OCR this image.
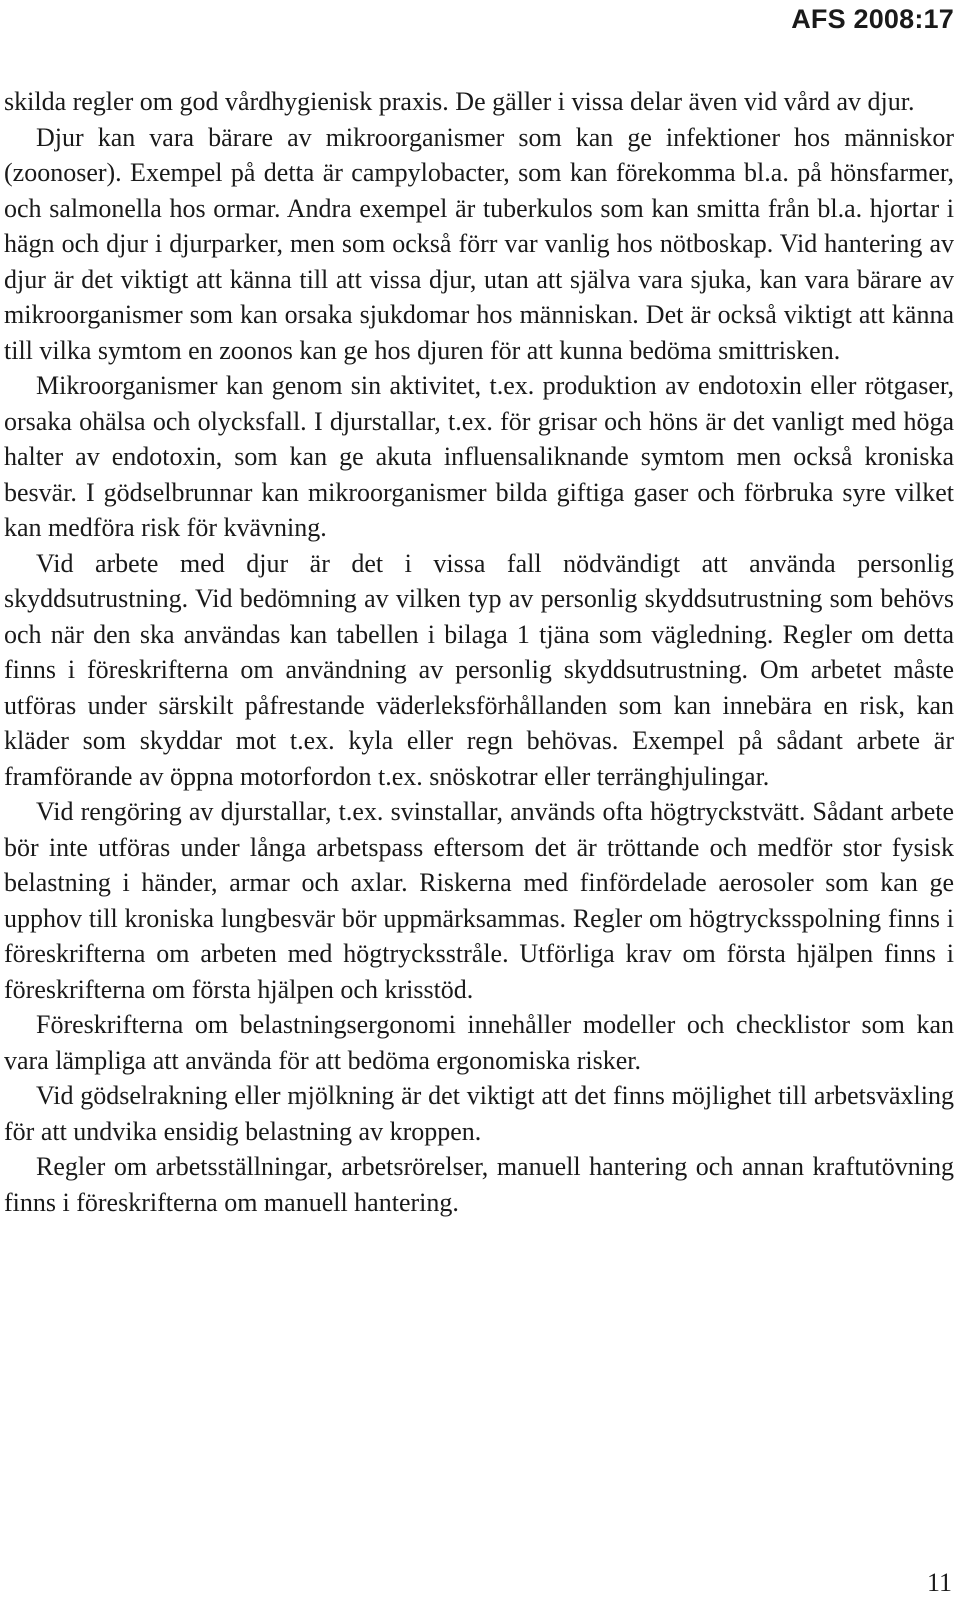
AFS 2008:17

skilda regler om god vårdhygienisk praxis. De gäller i vissa delar även vid vård av djur.

Djur kan vara bärare av mikroorganismer som kan ge infektioner hos människor (zoonoser). Exempel på detta är campylobacter, som kan förekomma bl.a. på hönsfarmer, och salmonella hos ormar. Andra exempel är tuberkulos som kan smitta från bl.a. hjortar i hägn och djur i djurparker, men som också förr var vanlig hos nötboskap. Vid hantering av djur är det viktigt att känna till att vissa djur, utan att själva vara sjuka, kan vara bärare av mikroorganismer som kan orsaka sjukdomar hos människan. Det är också viktigt att känna till vilka symtom en zoonos kan ge hos djuren för att kunna bedöma smittrisken.

Mikroorganismer kan genom sin aktivitet, t.ex. produktion av endotoxin eller rötgaser, orsaka ohälsa och olycksfall. I djurstallar, t.ex. för grisar och höns är det vanligt med höga halter av endotoxin, som kan ge akuta influensaliknande symtom men också kroniska besvär. I gödselbrunnar kan mikroorganismer bilda giftiga gaser och förbruka syre vilket kan medföra risk för kvävning.

Vid arbete med djur är det i vissa fall nödvändigt att använda personlig skyddsutrustning. Vid bedömning av vilken typ av personlig skyddsutrustning som behövs och när den ska användas kan tabellen i bilaga 1 tjäna som vägledning. Regler om detta finns i föreskrifterna om användning av personlig skyddsutrustning. Om arbetet måste utföras under särskilt påfrestande väderleksförhållanden som kan innebära en risk, kan kläder som skyddar mot t.ex. kyla eller regn behövas. Exempel på sådant arbete är framförande av öppna motorfordon t.ex. snöskotrar eller terränghjulingar.

Vid rengöring av djurstallar, t.ex. svinstallar, används ofta högtryckstvätt. Sådant arbete bör inte utföras under långa arbetspass eftersom det är tröttande och medför stor fysisk belastning i händer, armar och axlar. Riskerna med finfördelade aerosoler som kan ge upphov till kroniska lungbesvär bör uppmärksammas. Regler om högtrycksspolning finns i föreskrifterna om arbeten med högtrycksstråle. Utförliga krav om första hjälpen finns i föreskrifterna om första hjälpen och krisstöd.

Föreskrifterna om belastningsergonomi innehåller modeller och checklistor som kan vara lämpliga att använda för att bedöma ergonomiska risker.

Vid gödselrakning eller mjölkning är det viktigt att det finns möjlighet till arbetsväxling för att undvika ensidig belastning av kroppen.

Regler om arbetsställningar, arbetsrörelser, manuell hantering och annan kraftutövning finns i föreskrifterna om manuell hantering.

11
